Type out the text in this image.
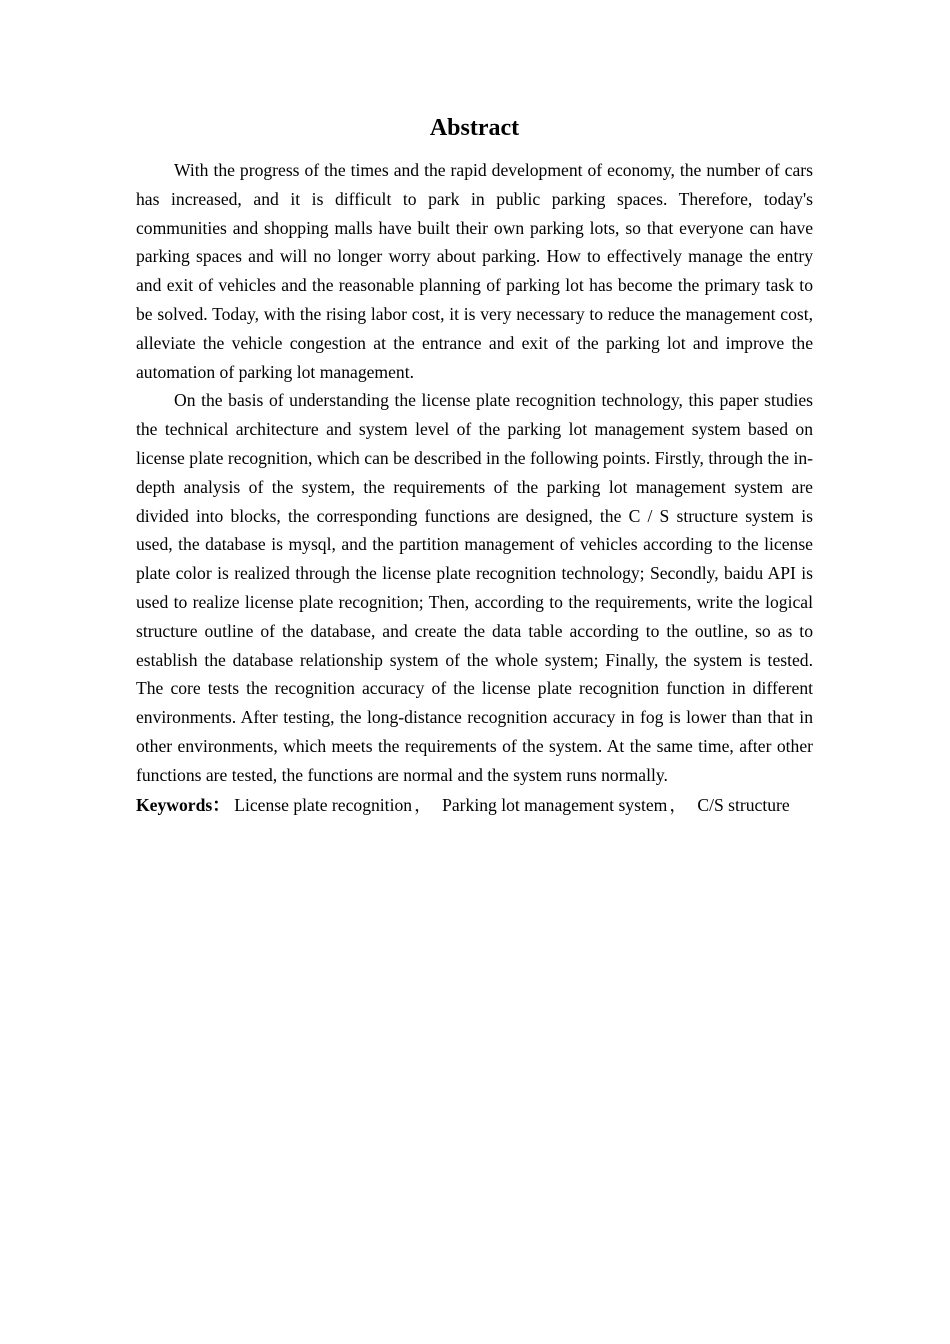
Abstract

With the progress of the times and the rapid development of economy, the number of cars has increased, and it is difficult to park in public parking spaces. Therefore, today's communities and shopping malls have built their own parking lots, so that everyone can have parking spaces and will no longer worry about parking. How to effectively manage the entry and exit of vehicles and the reasonable planning of parking lot has become the primary task to be solved. Today, with the rising labor cost, it is very necessary to reduce the management cost, alleviate the vehicle congestion at the entrance and exit of the parking lot and improve the automation of parking lot management.

On the basis of understanding the license plate recognition technology, this paper studies the technical architecture and system level of the parking lot management system based on license plate recognition, which can be described in the following points. Firstly, through the in-depth analysis of the system, the requirements of the parking lot management system are divided into blocks, the corresponding functions are designed, the C / S structure system is used, the database is mysql, and the partition management of vehicles according to the license plate color is realized through the license plate recognition technology; Secondly, baidu API is used to realize license plate recognition; Then, according to the requirements, write the logical structure outline of the database, and create the data table according to the outline, so as to establish the database relationship system of the whole system; Finally, the system is tested. The core tests the recognition accuracy of the license plate recognition function in different environments. After testing, the long-distance recognition accuracy in fog is lower than that in other environments, which meets the requirements of the system. At the same time, after other functions are tested, the functions are normal and the system runs normally.

Keywords： License plate recognition ， Parking lot management system ， C/S structure
